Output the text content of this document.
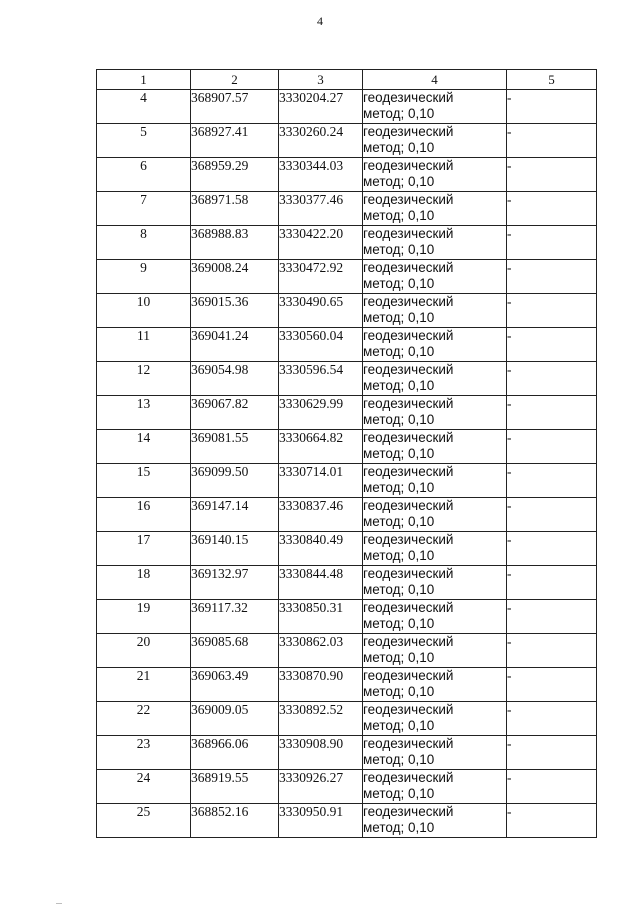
4
1	2	3	4	5
4	368907.57	3330204.27	геодезический
метод; 0,10	-
5	368927.41	3330260.24	геодезический
метод; 0,10	-
6	368959.29	3330344.03	геодезический
метод; 0,10	-
7	368971.58	3330377.46	геодезический
метод; 0,10	-
8	368988.83	3330422.20	геодезический
метод; 0,10	-
9	369008.24	3330472.92	геодезический
метод; 0,10	-
10	369015.36	3330490.65	геодезический
метод; 0,10	-
11	369041.24	3330560.04	геодезический
метод; 0,10	-
12	369054.98	3330596.54	геодезический
метод; 0,10	-
13	369067.82	3330629.99	геодезический
метод; 0,10	-
14	369081.55	3330664.82	геодезический
метод; 0,10	-
15	369099.50	3330714.01	геодезический
метод; 0,10	-
16	369147.14	3330837.46	геодезический
метод; 0,10	-
17	369140.15	3330840.49	геодезический
метод; 0,10	-
18	369132.97	3330844.48	геодезический
метод; 0,10	-
19	369117.32	3330850.31	геодезический
метод; 0,10	-
20	369085.68	3330862.03	геодезический
метод; 0,10	-
21	369063.49	3330870.90	геодезический
метод; 0,10	-
22	369009.05	3330892.52	геодезический
метод; 0,10	-
23	368966.06	3330908.90	геодезический
метод; 0,10	-
24	368919.55	3330926.27	геодезический
метод; 0,10	-
25	368852.16	3330950.91	геодезический
метод; 0,10	-
...
